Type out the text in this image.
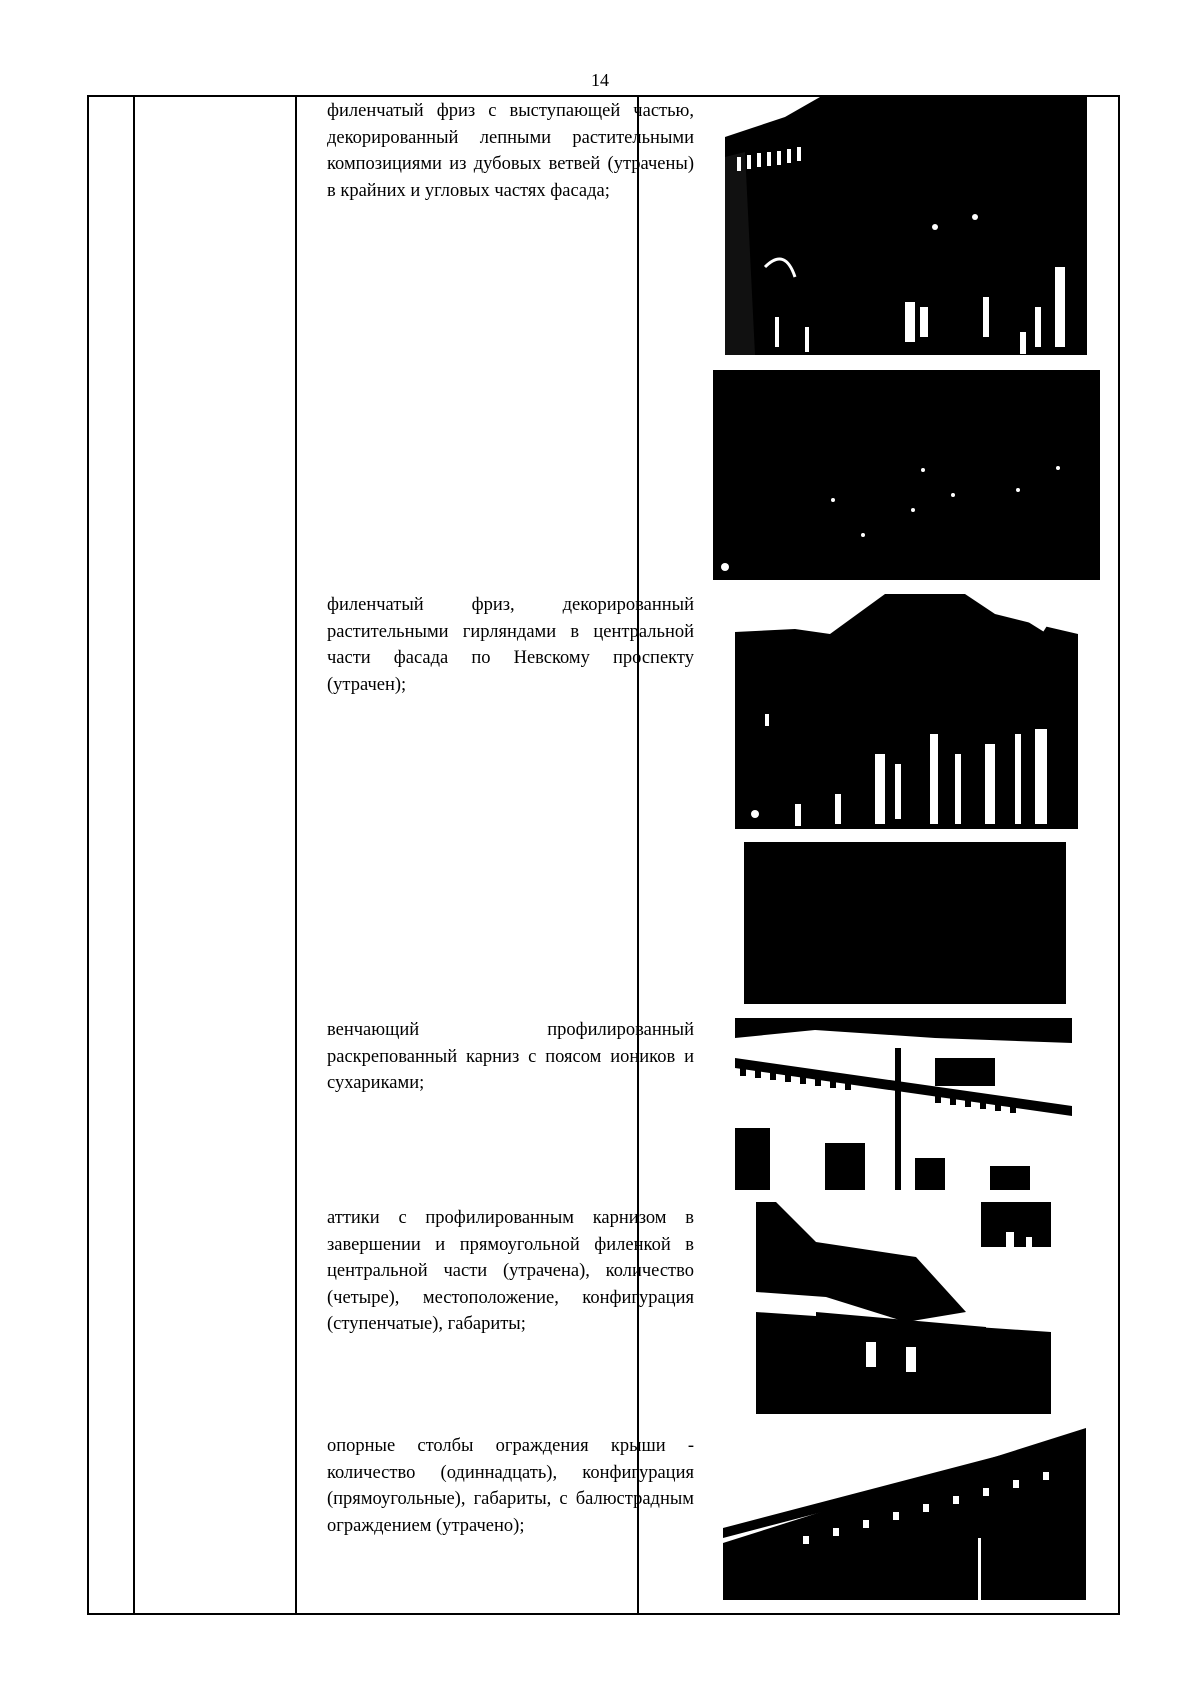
14
филенчатый фриз с выступающей частью, декорированный лепными растительными композициями из дубовых ветвей (утрачены) в крайних и угловых частях фасада;
филенчатый фриз, декорированный растительными гирляндами в центральной части фасада по Невскому проспекту (утрачен);
венчающий профилированный раскрепованный карниз с поясом иоников и сухариками;
аттики с профилированным карнизом в завершении и прямоугольной филенкой в центральной части (утрачена), количество (четыре), местоположение, конфигурация (ступенчатые), габариты;
опорные столбы ограждения крыши - количество (одиннадцать), конфигурация (прямоугольные), габариты, с балюстрадным ограждением (утрачено);
